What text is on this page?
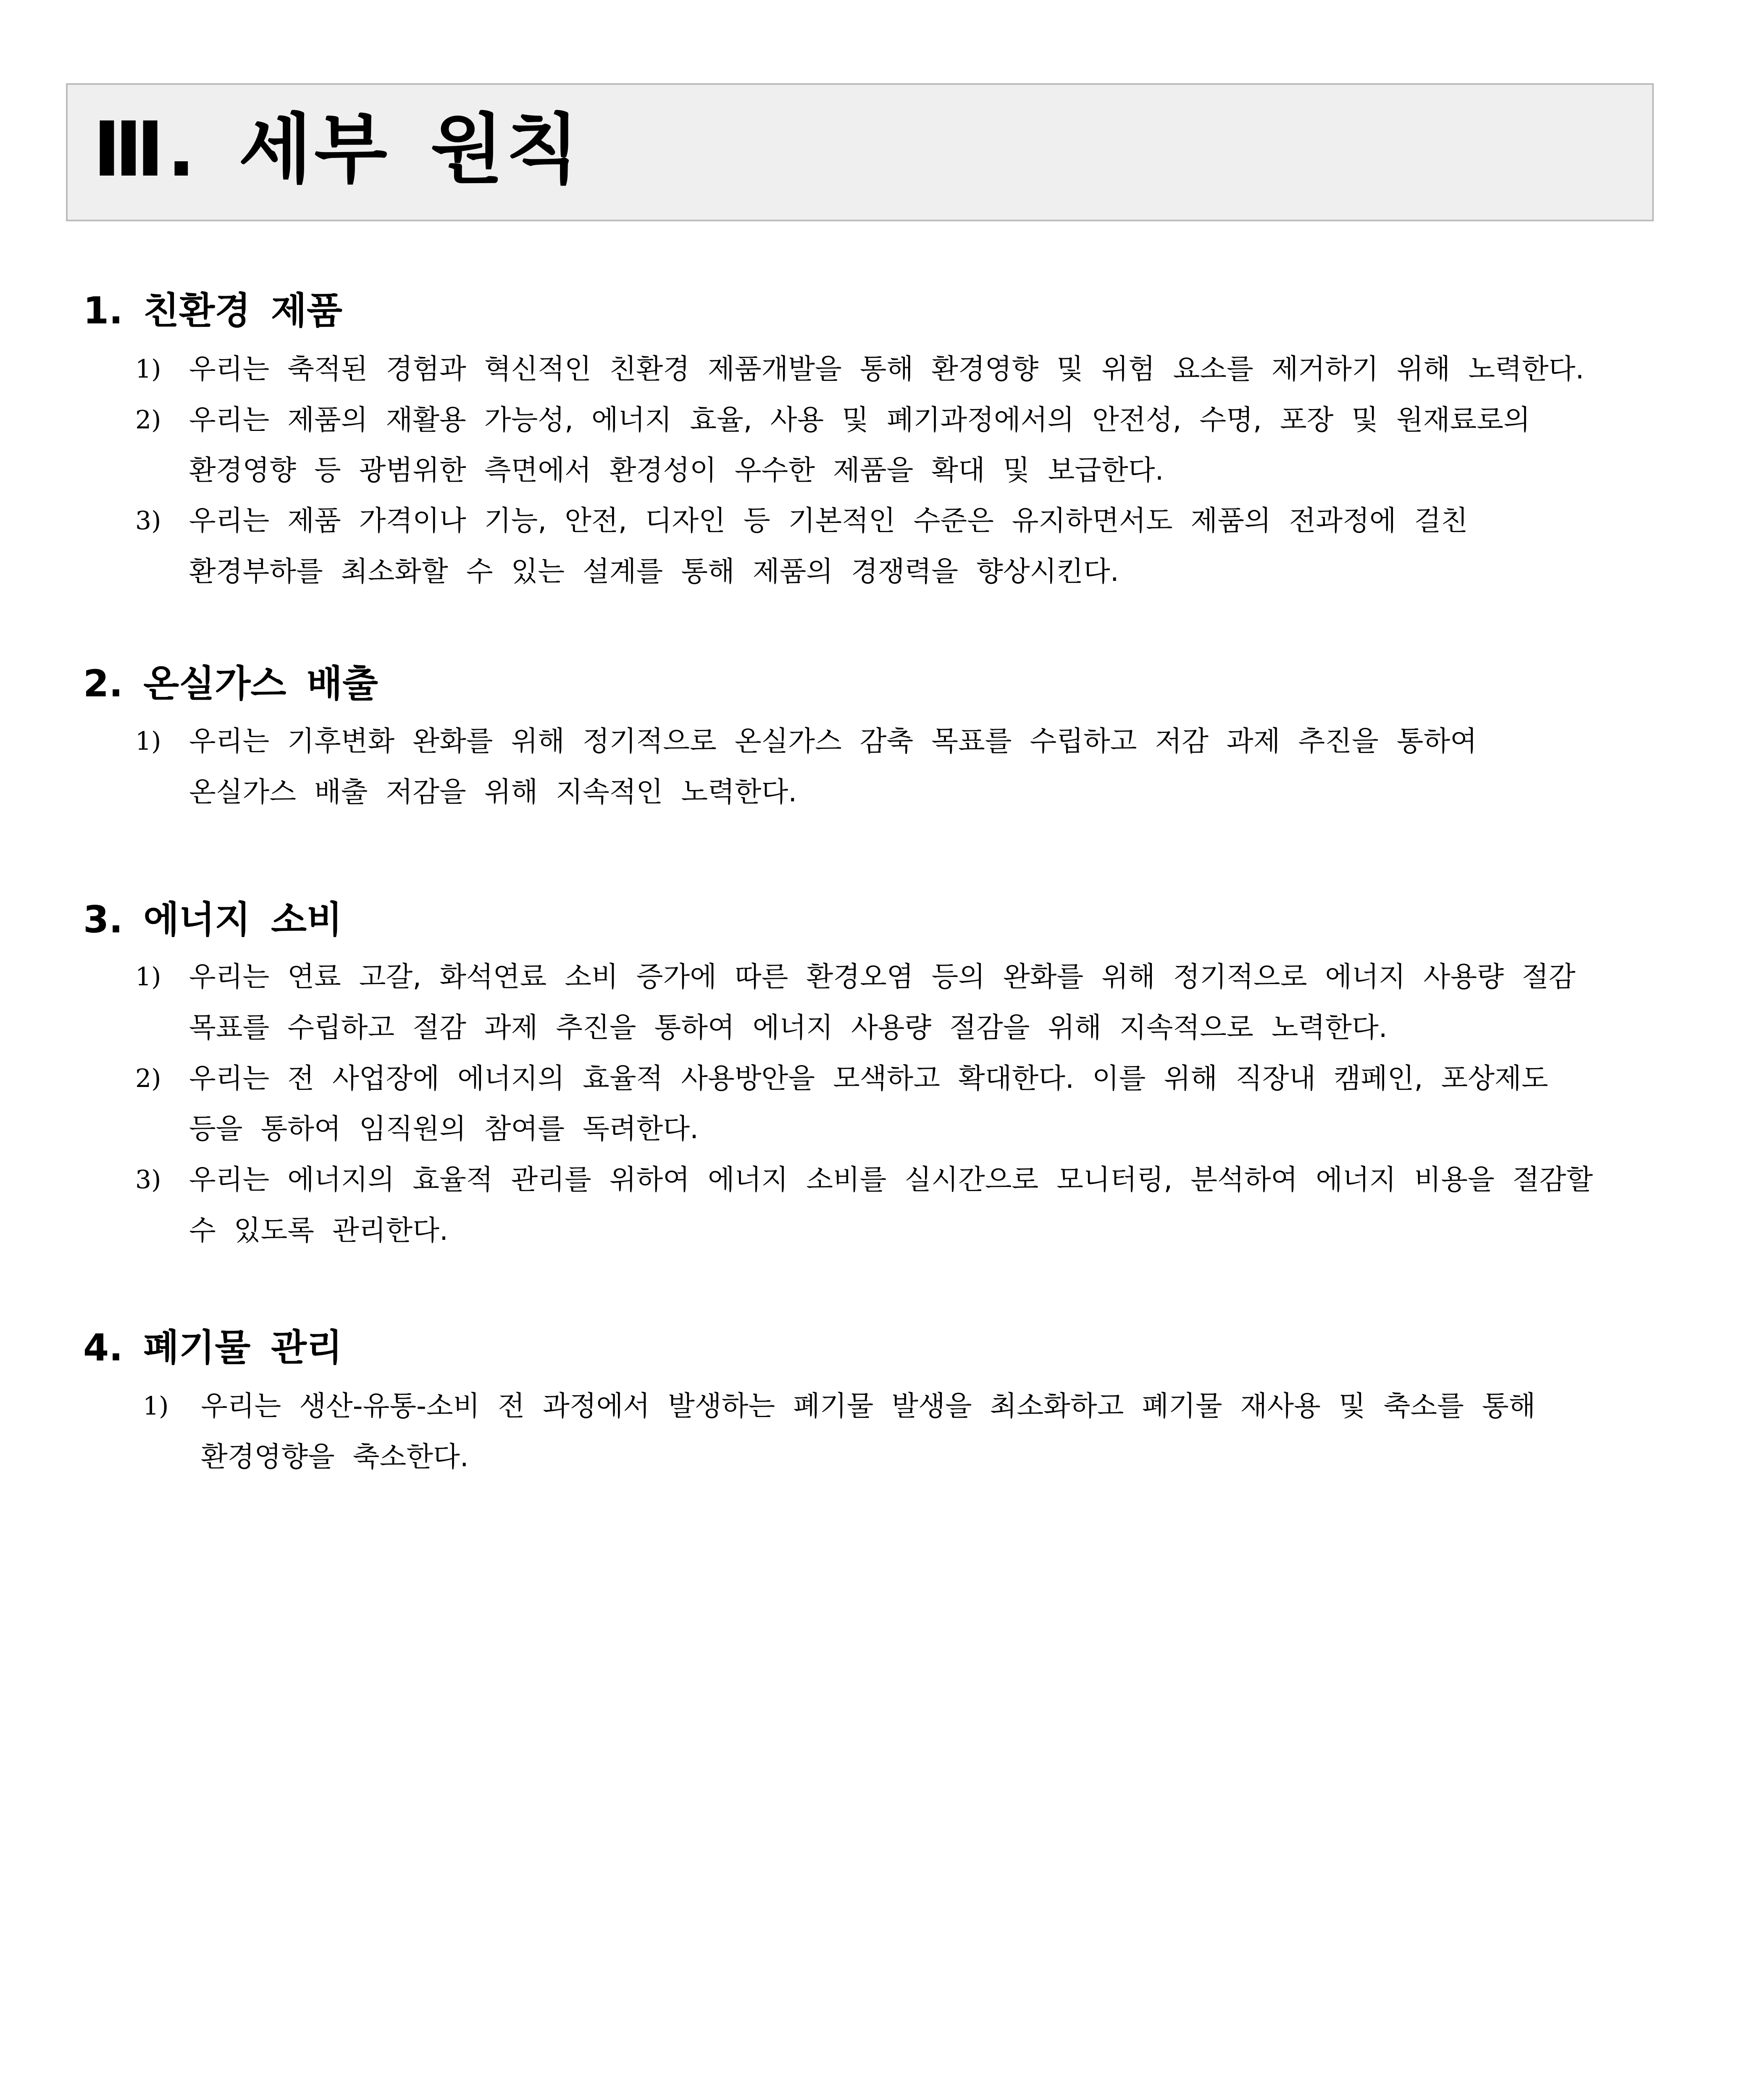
Ⅲ. 세부 원칙
1. 친환경 제품

1) 우리는 축적된 경험과 혁신적인 친환경 제품개발을 통해 환경영향 및 위험 요소를 제거하기 위해 노력한다.

2) 우리는 제품의 재활용 가능성, 에너지 효율, 사용 및 폐기과정에서의 안전성, 수명, 포장 및 원재료로의

환경영향 등 광범위한 측면에서 환경성이 우수한 제품을 확대 및 보급한다.

3) 우리는 제품 가격이나 기능, 안전, 디자인 등 기본적인 수준은 유지하면서도 제품의 전과정에 걸친

환경부하를 최소화할 수 있는 설계를 통해 제품의 경쟁력을 향상시킨다.

2. 온실가스 배출

1) 우리는 기후변화 완화를 위해 정기적으로 온실가스 감축 목표를 수립하고 저감 과제 추진을 통하여

온실가스 배출 저감을 위해 지속적인 노력한다.

3. 에너지 소비

1) 우리는 연료 고갈, 화석연료 소비 증가에 따른 환경오염 등의 완화를 위해 정기적으로 에너지 사용량 절감

목표를 수립하고 절감 과제 추진을 통하여 에너지 사용량 절감을 위해 지속적으로 노력한다.

2) 우리는 전 사업장에 에너지의 효율적 사용방안을 모색하고 확대한다. 이를 위해 직장내 캠페인, 포상제도

등을 통하여 임직원의 참여를 독려한다.

3) 우리는 에너지의 효율적 관리를 위하여 에너지 소비를 실시간으로 모니터링, 분석하여 에너지 비용을 절감할

수 있도록 관리한다.

4. 폐기물 관리

1) 우리는 생산-유통-소비 전 과정에서 발생하는 폐기물 발생을 최소화하고 폐기물 재사용 및 축소를 통해

환경영향을 축소한다.
